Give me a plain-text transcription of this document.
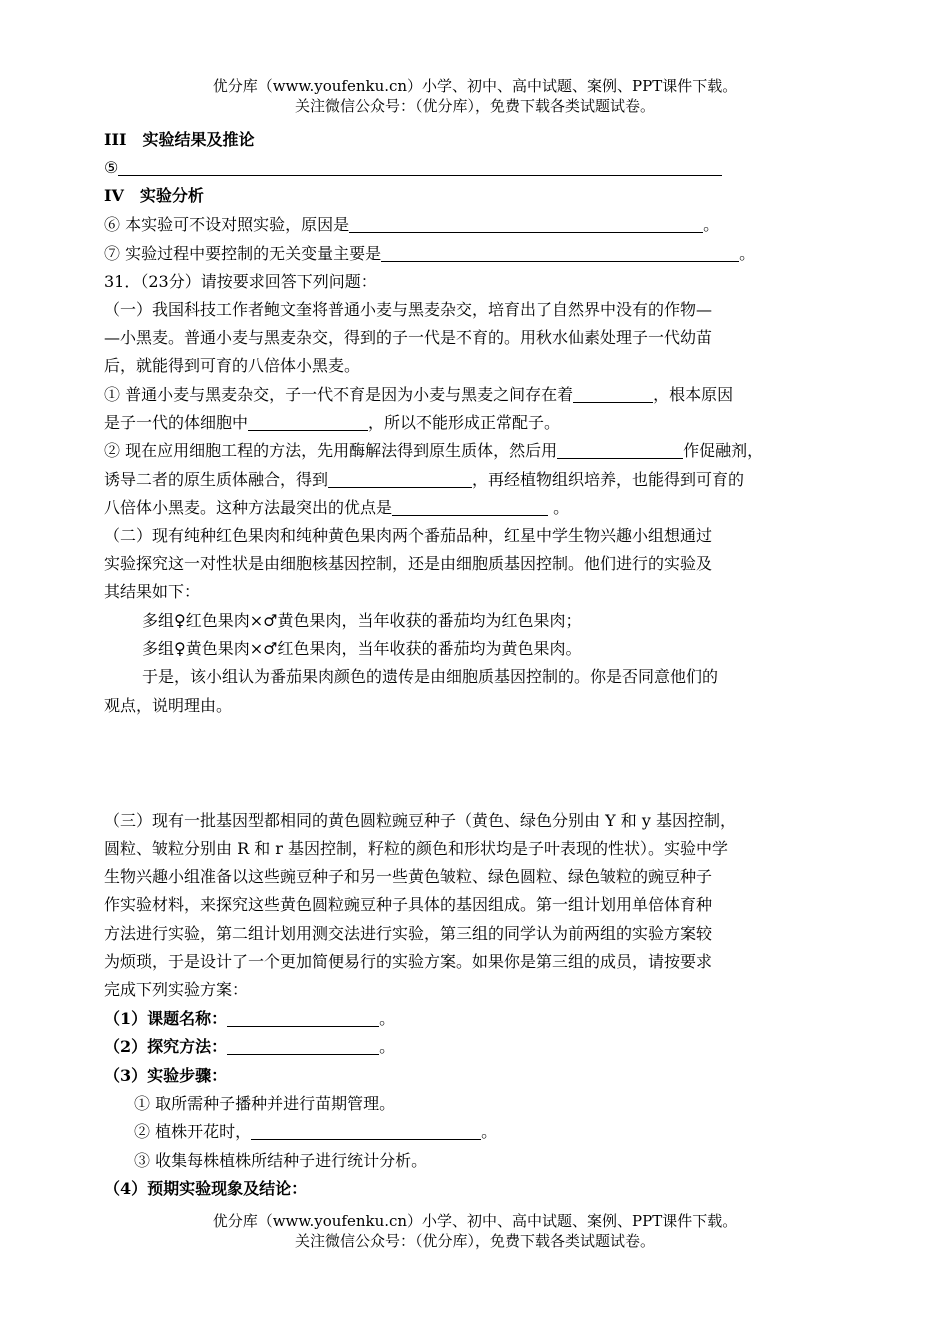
优分库（www.youfenku.cn）小学、初中、高中试题、案例、PPT课件下载。
关注微信公众号：（优分库），免费下载各类试题试卷。
III　实验结果及推论
⑤
IV　实验分析
⑥ 本实验可不设对照实验，原因是	。
⑦ 实验过程中要控制的无关变量主要是	。
31．（23分）请按要求回答下列问题：
（一）我国科技工作者鲍文奎将普通小麦与黑麦杂交，培育出了自然界中没有的作物—
—小黑麦。普通小麦与黑麦杂交，得到的子一代是不育的。用秋水仙素处理子一代幼苗
后，就能得到可育的八倍体小黑麦。
① 普通小麦与黑麦杂交，子一代不育是因为小麦与黑麦之间存在着	，根本原因
是子一代的体细胞中	，所以不能形成正常配子。
② 现在应用细胞工程的方法，先用酶解法得到原生质体，然后用	作促融剂，
诱导二者的原生质体融合，得到	，再经植物组织培养，也能得到可育的
八倍体小黑麦。这种方法最突出的优点是	。
（二）现有纯种红色果肉和纯种黄色果肉两个番茄品种，红星中学生物兴趣小组想通过
实验探究这一对性状是由细胞核基因控制，还是由细胞质基因控制。他们进行的实验及
其结果如下：
多组♀红色果肉×♂黄色果肉，当年收获的番茄均为红色果肉；
多组♀黄色果肉×♂红色果肉，当年收获的番茄均为黄色果肉。
于是，该小组认为番茄果肉颜色的遗传是由细胞质基因控制的。你是否同意他们的
观点，说明理由。
（三）现有一批基因型都相同的黄色圆粒豌豆种子（黄色、绿色分别由 Y 和 y 基因控制，
圆粒、皱粒分别由 R 和 r 基因控制，籽粒的颜色和形状均是子叶表现的性状）。实验中学
生物兴趣小组准备以这些豌豆种子和另一些黄色皱粒、绿色圆粒、绿色皱粒的豌豆种子
作实验材料，来探究这些黄色圆粒豌豆种子具体的基因组成。第一组计划用单倍体育种
方法进行实验，第二组计划用测交法进行实验，第三组的同学认为前两组的实验方案较
为烦琐，于是设计了一个更加简便易行的实验方案。如果你是第三组的成员，请按要求
完成下列实验方案：
（1）课题名称：	。
（2）探究方法：	。
（3）实验步骤：
① 取所需种子播种并进行苗期管理。
② 植株开花时，	。
③ 收集每株植株所结种子进行统计分析。
（4）预期实验现象及结论：
优分库（www.youfenku.cn）小学、初中、高中试题、案例、PPT课件下载。
关注微信公众号：（优分库），免费下载各类试题试卷。
